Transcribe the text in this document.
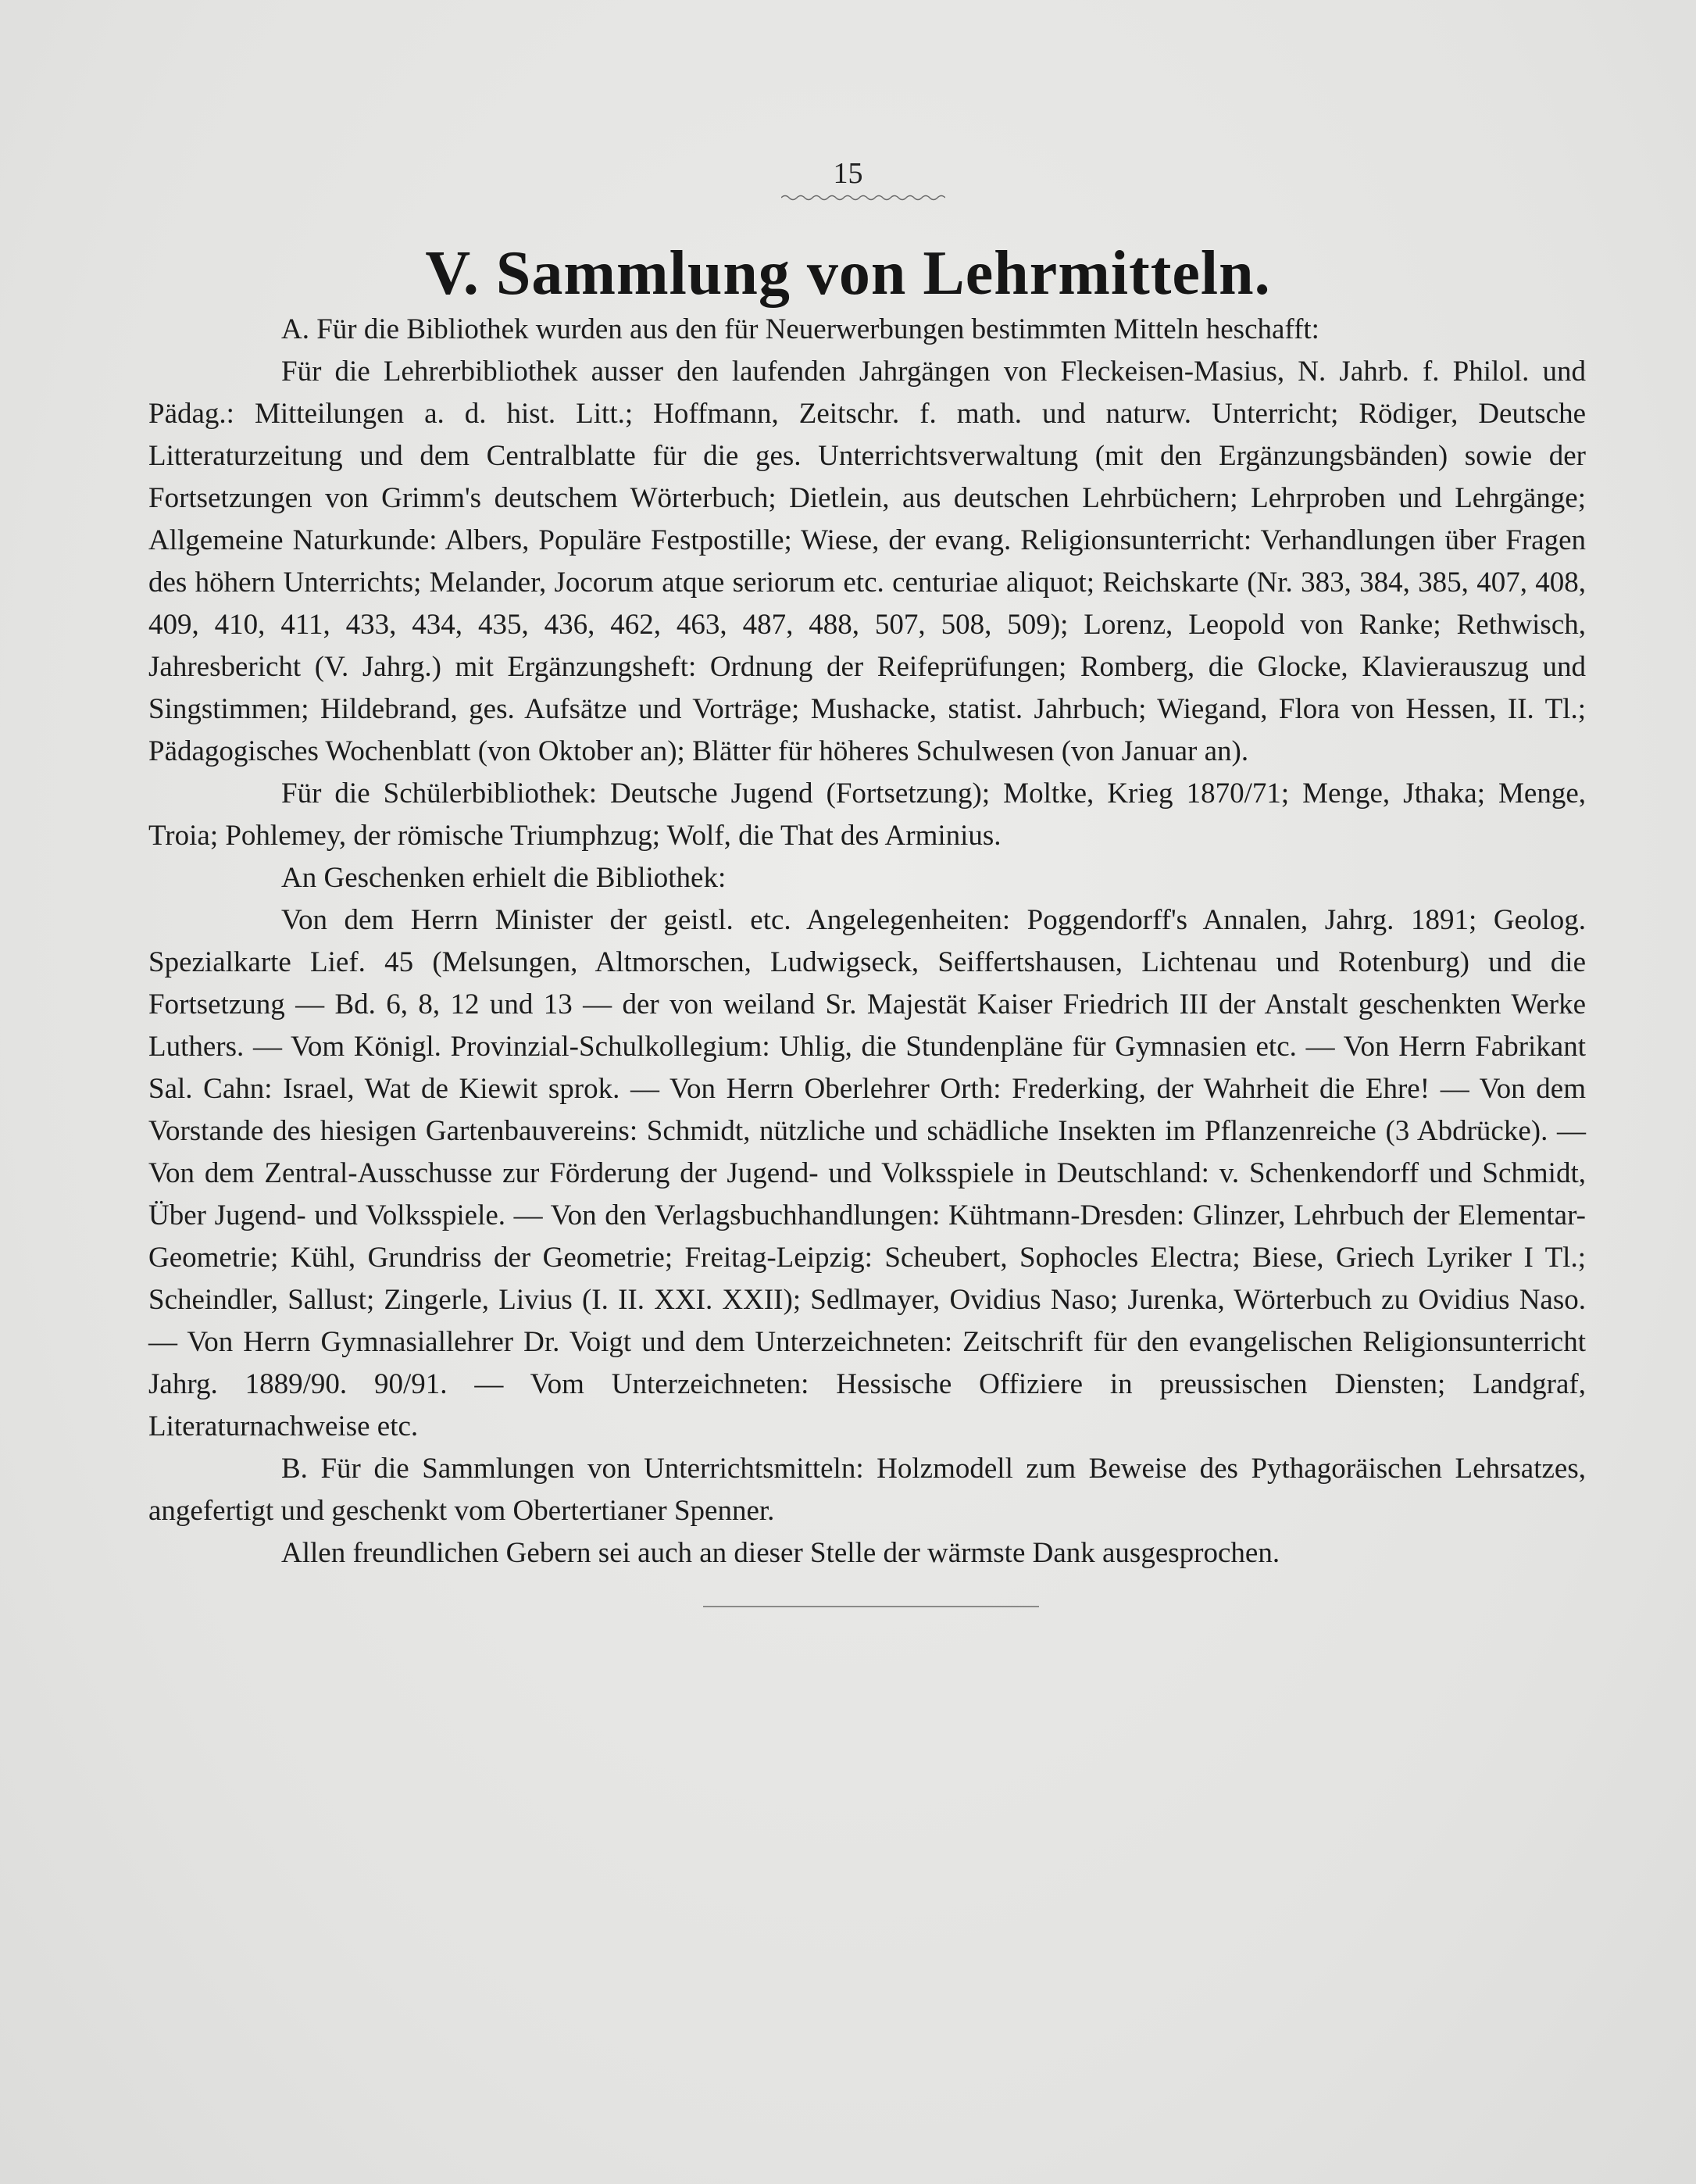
15
V. Sammlung von Lehrmitteln.

A. Für die Bibliothek wurden aus den für Neuerwerbungen bestimmten Mitteln heschafft:

Für die Lehrerbibliothek ausser den laufenden Jahrgängen von Fleckeisen-Masius, N. Jahrb. f. Philol. und Pädag.: Mitteilungen a. d. hist. Litt.; Hoffmann, Zeitschr. f. math. und naturw. Unterricht; Rödiger, Deutsche Litteraturzeitung und dem Centralblatte für die ges. Unterrichtsverwaltung (mit den Ergänzungsbänden) sowie der Fortsetzungen von Grimm's deutschem Wörterbuch; Dietlein, aus deutschen Lehrbüchern; Lehrproben und Lehrgänge; Allgemeine Naturkunde: Albers, Populäre Festpostille; Wiese, der evang. Religionsunterricht: Verhandlungen über Fragen des höhern Unterrichts; Melander, Jocorum atque seriorum etc. centuriae aliquot; Reichskarte (Nr. 383, 384, 385, 407, 408, 409, 410, 411, 433, 434, 435, 436, 462, 463, 487, 488, 507, 508, 509); Lorenz, Leopold von Ranke; Rethwisch, Jahresbericht (V. Jahrg.) mit Ergänzungsheft: Ordnung der Reifeprüfungen; Romberg, die Glocke, Klavierauszug und Singstimmen; Hildebrand, ges. Aufsätze und Vorträge; Mushacke, statist. Jahrbuch; Wiegand, Flora von Hessen, II. Tl.; Pädagogisches Wochenblatt (von Oktober an); Blätter für höheres Schulwesen (von Januar an).

Für die Schülerbibliothek: Deutsche Jugend (Fortsetzung); Moltke, Krieg 1870/71; Menge, Jthaka; Menge, Troia; Pohlemey, der römische Triumphzug; Wolf, die That des Arminius.

An Geschenken erhielt die Bibliothek:

Von dem Herrn Minister der geistl. etc. Angelegenheiten: Poggendorff's Annalen, Jahrg. 1891; Geolog. Spezialkarte Lief. 45 (Melsungen, Altmorschen, Ludwigseck, Seiffertshausen, Lichtenau und Rotenburg) und die Fortsetzung — Bd. 6, 8, 12 und 13 — der von weiland Sr. Majestät Kaiser Friedrich III der Anstalt geschenkten Werke Luthers. — Vom Königl. Provinzial-Schulkollegium: Uhlig, die Stundenpläne für Gymnasien etc. — Von Herrn Fabrikant Sal. Cahn: Israel, Wat de Kiewit sprok. — Von Herrn Oberlehrer Orth: Frederking, der Wahrheit die Ehre! — Von dem Vorstande des hiesigen Gartenbauvereins: Schmidt, nützliche und schädliche Insekten im Pflanzenreiche (3 Abdrücke). — Von dem Zentral-Ausschusse zur Förderung der Jugend- und Volksspiele in Deutschland: v. Schenkendorff und Schmidt, Über Jugend- und Volksspiele. — Von den Verlagsbuchhandlungen: Kühtmann-Dresden: Glinzer, Lehrbuch der Elementar-Geometrie; Kühl, Grundriss der Geometrie; Freitag-Leipzig: Scheubert, Sophocles Electra; Biese, Griech Lyriker I Tl.; Scheindler, Sallust; Zingerle, Livius (I. II. XXI. XXII); Sedlmayer, Ovidius Naso; Jurenka, Wörterbuch zu Ovidius Naso. — Von Herrn Gymnasiallehrer Dr. Voigt und dem Unterzeichneten: Zeitschrift für den evangelischen Religionsunterricht Jahrg. 1889/90. 90/91. — Vom Unterzeichneten: Hessische Offiziere in preussischen Diensten; Landgraf, Literaturnachweise etc.

B. Für die Sammlungen von Unterrichtsmitteln: Holzmodell zum Beweise des Pythagoräischen Lehrsatzes, angefertigt und geschenkt vom Obertertianer Spenner.

Allen freundlichen Gebern sei auch an dieser Stelle der wärmste Dank ausgesprochen.
